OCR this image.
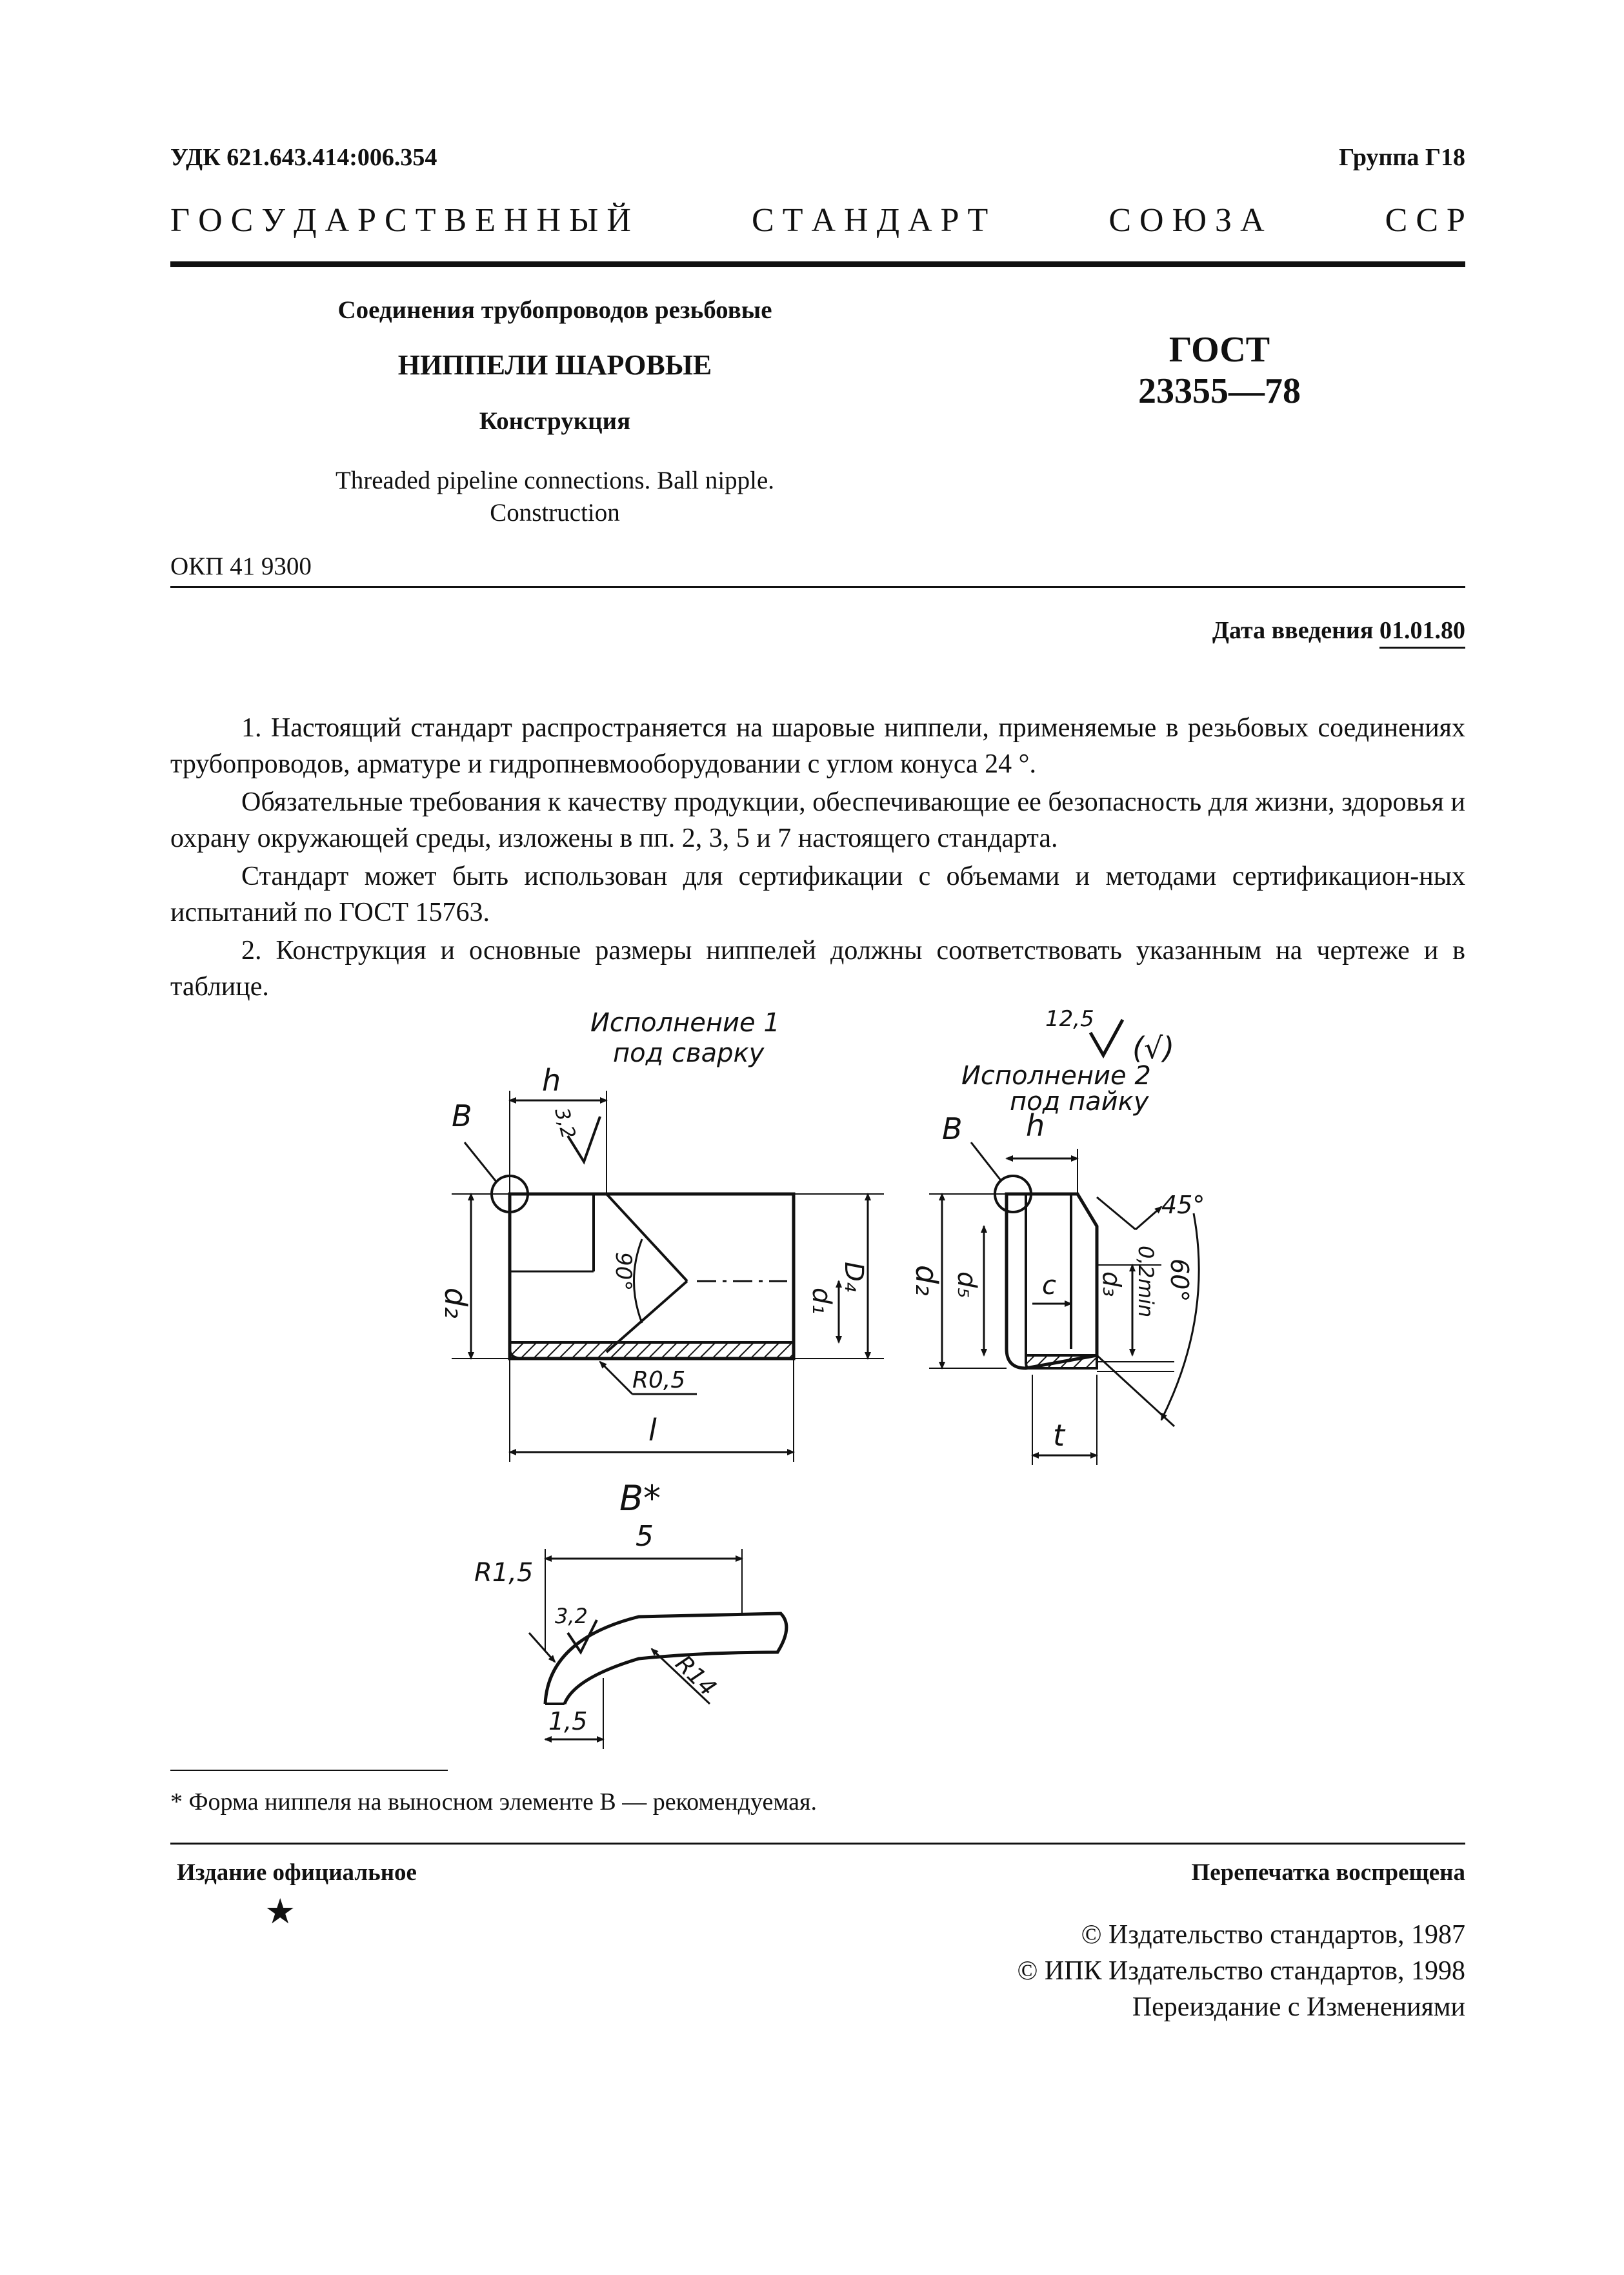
УДК 621.643.414:006.354	Группа Г18
Г О С У Д А Р С Т В Е Н Н Ы Й	С Т А Н Д А Р Т	С О Ю З А	С С Р
Соединения трубопроводов резьбовые
НИППЕЛИ ШАРОВЫЕ
Конструкция
Threaded pipeline connections. Ball nipple.
Construction
ГОСТ
23355—78
ОКП 41 9300
Дата введения 01.01.80
1. Настоящий стандарт распространяется на шаровые ниппели, применяемые в резьбовых соединениях трубопроводов, арматуре и гидропневмооборудовании с углом конуса 24 °.
Обязательные требования к качеству продукции, обеспечивающие ее безопасность для жизни, здоровья и охрану окружающей среды, изложены в пп. 2, 3, 5 и 7 настоящего стандарта.
Стандарт может быть использован для сертификации с объемами и методами сертификацион-ных испытаний по ГОСТ 15763.
2. Конструкция и основные размеры ниппелей должны соответствовать указанным на чертеже и в таблице.
Исполнение 1
под сварку
Исполнение 2
под пайку
12,5
(√)
B
h
3,2
90°
d₂	d₁
D₄
R0,5
l
B h
45°
d₂ d₅ c d₃ 0,2min 60°
t
B*
5
R1,5
3,2
R14
1,5
* Форма ниппеля на выносном элементе В — рекомендуемая.
Издание официальное	Перепечатка воспрещена
★
© Издательство стандартов, 1987
© ИПК Издательство стандартов, 1998
Переиздание с Изменениями
